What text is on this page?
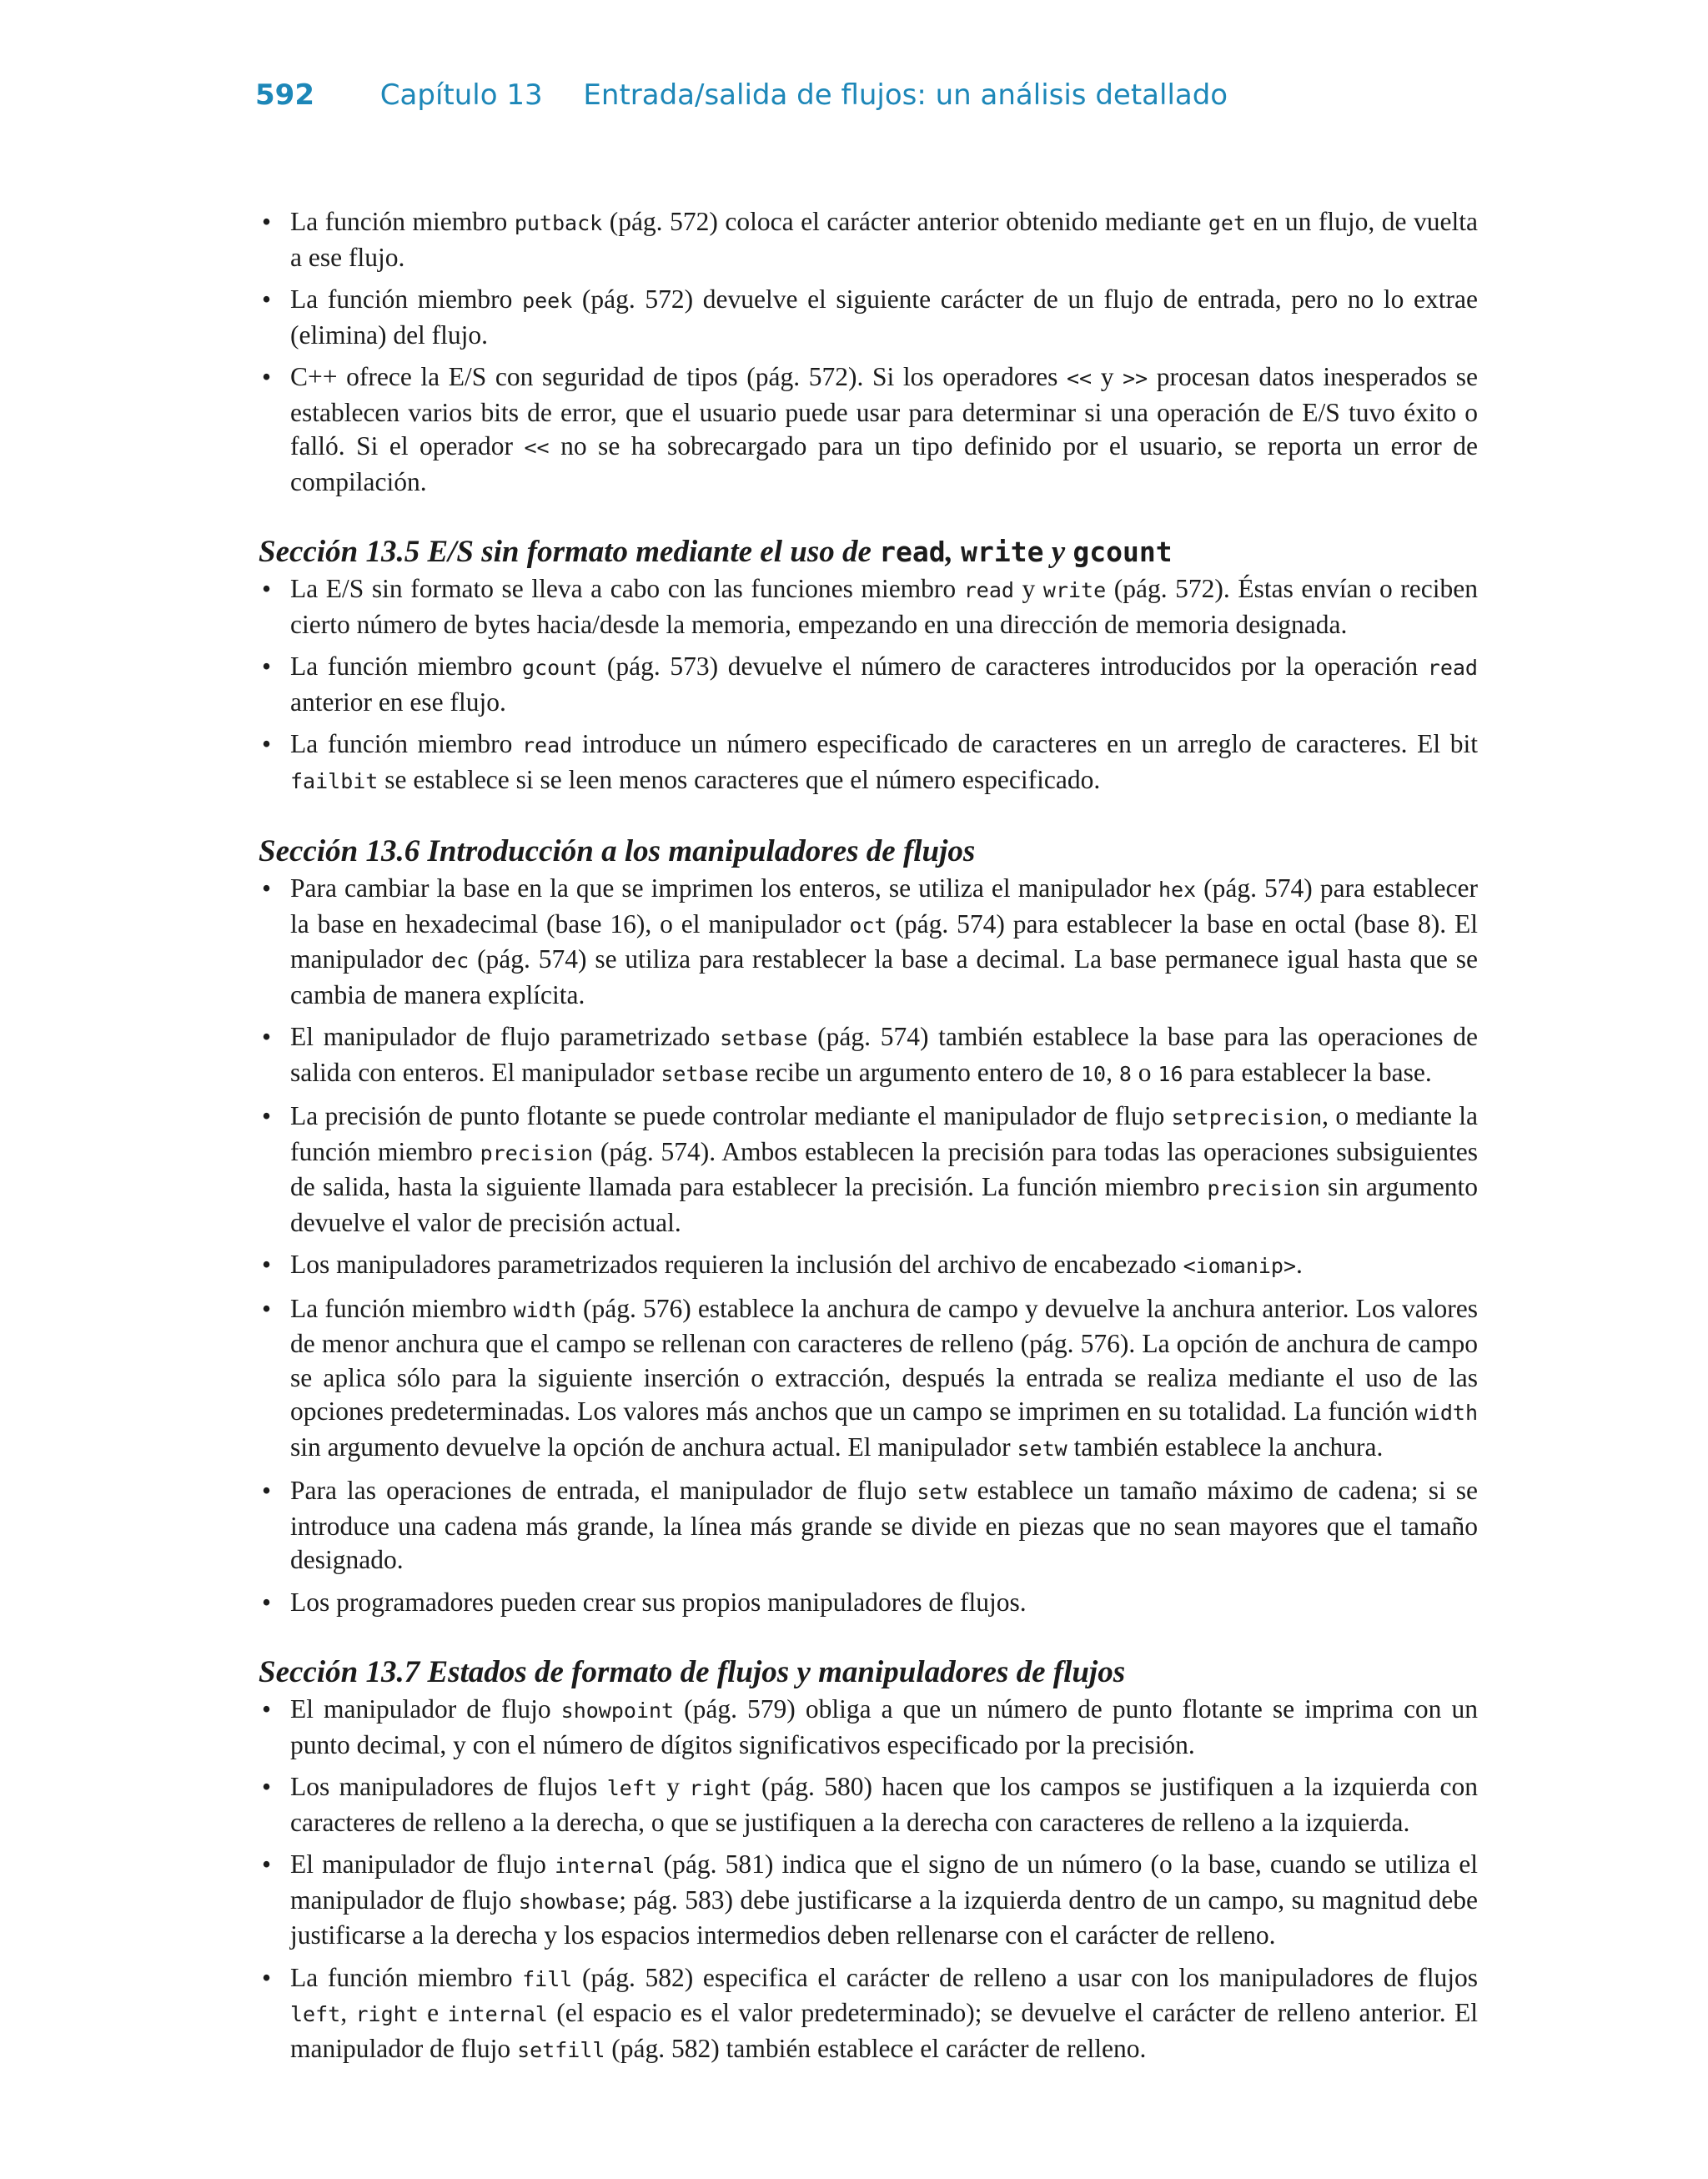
592 Capítulo 13 Entrada/salida de flujos: un análisis detallado
• La función miembro putback (pág. 572) coloca el carácter anterior obtenido mediante get en un flujo, de vuelta a ese flujo.
• La función miembro peek (pág. 572) devuelve el siguiente carácter de un flujo de entrada, pero no lo extrae (elimina) del flujo.
• C++ ofrece la E/S con seguridad de tipos (pág. 572). Si los operadores << y >> procesan datos inesperados se establecen varios bits de error, que el usuario puede usar para determinar si una operación de E/S tuvo éxito o falló. Si el operador << no se ha sobrecargado para un tipo definido por el usuario, se reporta un error de compilación.
Sección 13.5 E/S sin formato mediante el uso de read, write y gcount
• La E/S sin formato se lleva a cabo con las funciones miembro read y write (pág. 572). Éstas envían o reciben cierto número de bytes hacia/desde la memoria, empezando en una dirección de memoria designada.
• La función miembro gcount (pág. 573) devuelve el número de caracteres introducidos por la operación read anterior en ese flujo.
• La función miembro read introduce un número especificado de caracteres en un arreglo de caracteres. El bit failbit se establece si se leen menos caracteres que el número especificado.
Sección 13.6 Introducción a los manipuladores de flujos
• Para cambiar la base en la que se imprimen los enteros, se utiliza el manipulador hex (pág. 574) para establecer la base en hexadecimal (base 16), o el manipulador oct (pág. 574) para establecer la base en octal (base 8). El manipulador dec (pág. 574) se utiliza para restablecer la base a decimal. La base permanece igual hasta que se cambia de manera explícita.
• El manipulador de flujo parametrizado setbase (pág. 574) también establece la base para las operaciones de salida con enteros. El manipulador setbase recibe un argumento entero de 10, 8 o 16 para establecer la base.
• La precisión de punto flotante se puede controlar mediante el manipulador de flujo setprecision, o mediante la función miembro precision (pág. 574). Ambos establecen la precisión para todas las operaciones subsiguientes de salida, hasta la siguiente llamada para establecer la precisión. La función miembro precision sin argumento devuelve el valor de precisión actual.
• Los manipuladores parametrizados requieren la inclusión del archivo de encabezado <iomanip>.
• La función miembro width (pág. 576) establece la anchura de campo y devuelve la anchura anterior. Los valores de menor anchura que el campo se rellenan con caracteres de relleno (pág. 576). La opción de anchura de campo se aplica sólo para la siguiente inserción o extracción, después la entrada se realiza mediante el uso de las opciones predeterminadas. Los valores más anchos que un campo se imprimen en su totalidad. La función width sin argumento devuelve la opción de anchura actual. El manipulador setw también establece la anchura.
• Para las operaciones de entrada, el manipulador de flujo setw establece un tamaño máximo de cadena; si se introduce una cadena más grande, la línea más grande se divide en piezas que no sean mayores que el tamaño designado.
• Los programadores pueden crear sus propios manipuladores de flujos.
Sección 13.7 Estados de formato de flujos y manipuladores de flujos
• El manipulador de flujo showpoint (pág. 579) obliga a que un número de punto flotante se imprima con un punto decimal, y con el número de dígitos significativos especificado por la precisión.
• Los manipuladores de flujos left y right (pág. 580) hacen que los campos se justifiquen a la izquierda con caracteres de relleno a la derecha, o que se justifiquen a la derecha con caracteres de relleno a la izquierda.
• El manipulador de flujo internal (pág. 581) indica que el signo de un número (o la base, cuando se utiliza el manipulador de flujo showbase; pág. 583) debe justificarse a la izquierda dentro de un campo, su magnitud debe justificarse a la derecha y los espacios intermedios deben rellenarse con el carácter de relleno.
• La función miembro fill (pág. 582) especifica el carácter de relleno a usar con los manipuladores de flujos left, right e internal (el espacio es el valor predeterminado); se devuelve el carácter de relleno anterior. El manipulador de flujo setfill (pág. 582) también establece el carácter de relleno.
